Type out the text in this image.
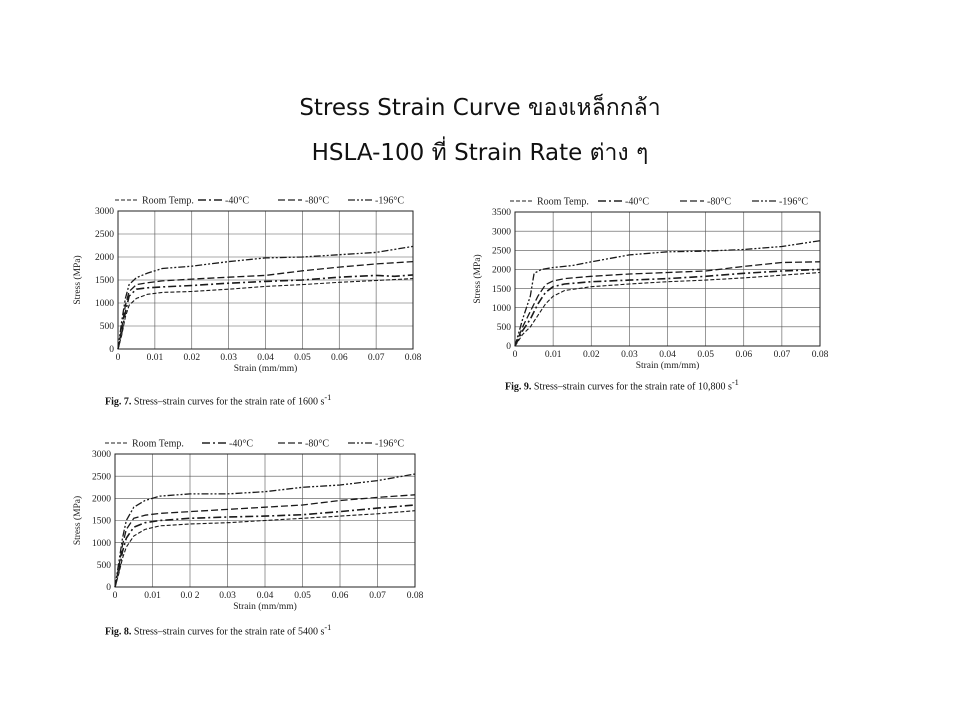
Stress Strain Curve ของเหล็กกล้า
HSLA-100 ที่ Strain Rate ต่าง ๆ
Room Temp.	-40°C	-80°C	-196°C
0	0.01 0.02 0.03 0.04 0.05 0.06 0.07 0.08
0
500
1000
1500
2000
2500
3000
Strain (mm/mm)
Stress (MPa)
Fig. 7. Stress–strain curves for the strain rate of 1600 $s^{-1}$
Room Temp.	-40°C	-80°C	-196°C
0	0.01 0.02 0.03 0.04 0.05 0.06 0.07 0.08
0
500
1000
1500
2000
2500
3000
3500
Strain (mm/mm)
Stress (MPa)
Fig. 9. Stress–strain curves for the strain rate of 10,800 $s^{-1}$
Room Temp.	-40°C	-80°C	-196°C
0	0.01 0.0 2 0.03 0.04 0.05 0.06 0.07 0.08
0
500
1000
1500
2000
2500
3000
Strain (mm/mm)
Stress (MPa)
Fig. 8. Stress–strain curves for the strain rate of 5400 $s^{-1}$
